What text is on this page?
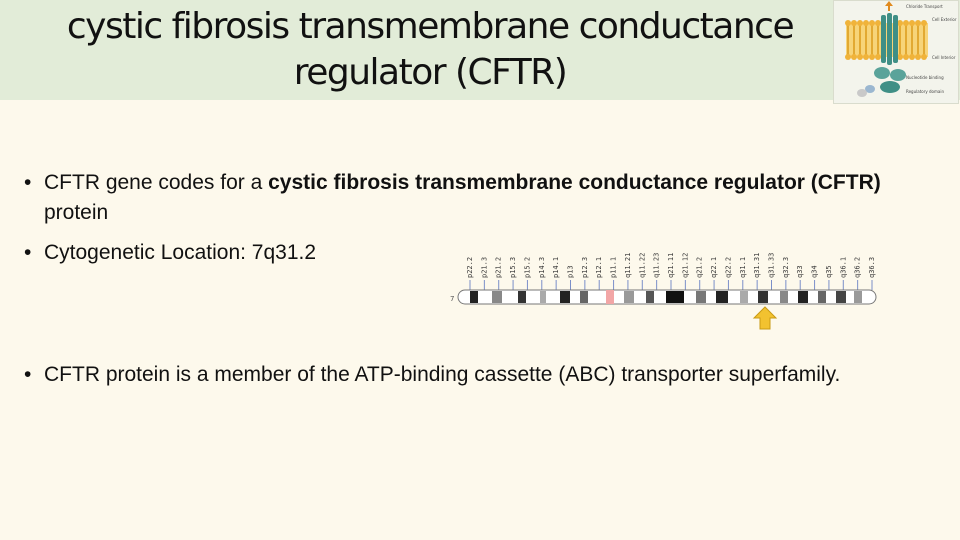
cystic fibrosis transmembrane conductance
regulator (CFTR)
Chloride Transport
Cell Exterior
Cell Interior
Nucleotide binding
Regulatory domain
• CFTR gene codes for a cystic fibrosis transmembrane conductance regulator (CFTR) protein
• Cytogenetic Location: 7q31.2
• CFTR protein is a member of the ATP-binding cassette (ABC) transporter superfamily.
7
p22.2 p21.3 p21.2 p15.3 p15.2 p14.3 p14.1 p13 p12.3 p12.1 p11.1 q11.21 q11.22 q11.23 q21.11 q21.12 q21.2 q22.1 q22.2 q31.1 q31.31 q31.33 q32.3 q33 q34 q35 q36.1 q36.2 q36.3
